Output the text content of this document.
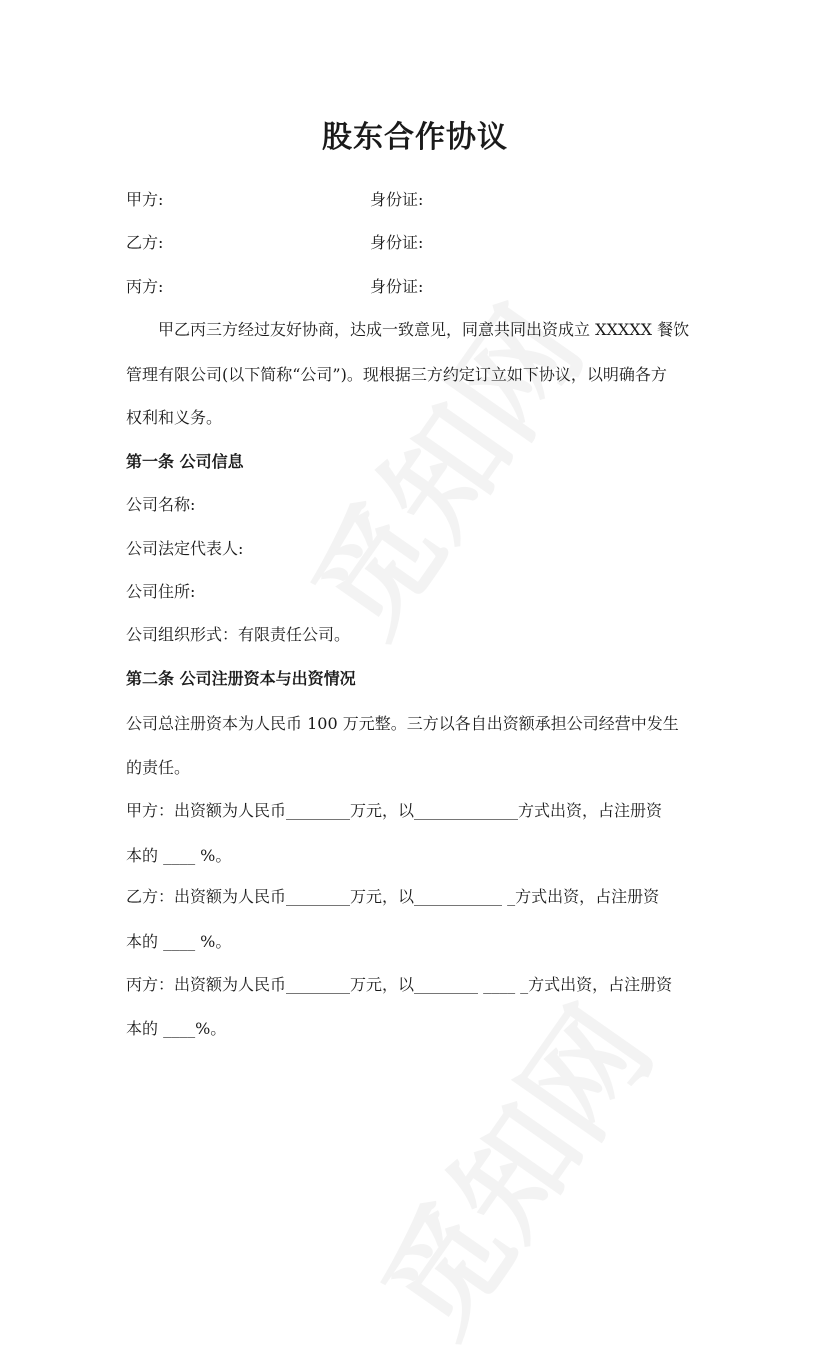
股东合作协议
甲方:	身份证:
乙方:	身份证:
丙方:	身份证:
甲乙丙三方经过友好协商，达成一致意见，同意共同出资成立 XXXXX 餐饮
管理有限公司(以下简称“公司”)。现根据三方约定订立如下协议，以明确各方
权利和义务。
第一条 公司信息
公司名称:
公司法定代表人:
公司住所:
公司组织形式：有限责任公司。
第二条 公司注册资本与出资情况
公司总注册资本为人民币 100 万元整。三方以各自出资额承担公司经营中发生
的责任。
甲方：出资额为人民币________万元，以_____________方式出资，占注册资
本的 ____ %。
乙方：出资额为人民币________万元，以___________ _方式出资，占注册资
本的 ____ %。
丙方：出资额为人民币________万元，以________ ____ _方式出资，占注册资
本的 ____%。
